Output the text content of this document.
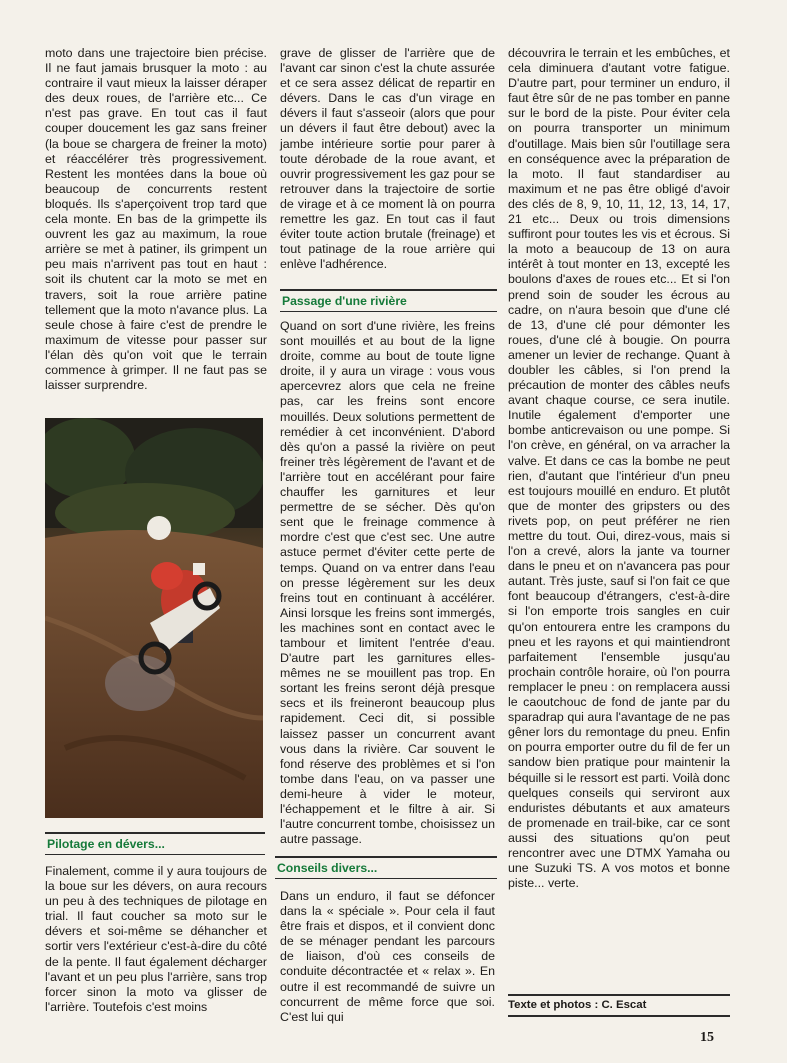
moto dans une trajectoire bien précise. Il ne faut jamais brusquer la moto : au contraire il vaut mieux la laisser déraper des deux roues, de l'arrière etc... Ce n'est pas grave. En tout cas il faut couper doucement les gaz sans freiner (la boue se chargera de freiner la moto) et réaccélérer très progressivement. Restent les montées dans la boue où beaucoup de concurrents restent bloqués. Ils s'aperçoivent trop tard que cela monte. En bas de la grimpette ils ouvrent les gaz au maximum, la roue arrière se met à patiner, ils grimpent un peu mais n'arrivent pas tout en haut : soit ils chutent car la moto se met en travers, soit la roue arrière patine tellement que la moto n'avance plus. La seule chose à faire c'est de prendre le maximum de vitesse pour passer sur l'élan dès qu'on voit que le terrain commence à grimper. Il ne faut pas se laisser surprendre.

Pilotage en dévers...

Finalement, comme il y aura toujours de la boue sur les dévers, on aura recours un peu à des techniques de pilotage en trial. Il faut coucher sa moto sur le dévers et soi-même se déhancher et sortir vers l'extérieur c'est-à-dire du côté de la pente. Il faut également décharger l'avant et un peu plus l'arrière, sans trop forcer sinon la moto va glisser de l'arrière. Toutefois c'est moins

grave de glisser de l'arrière que de l'avant car sinon c'est la chute assurée et ce sera assez délicat de repartir en dévers. Dans le cas d'un virage en dévers il faut s'asseoir (alors que pour un dévers il faut être debout) avec la jambe intérieure sortie pour parer à toute dérobade de la roue avant, et ouvrir progressivement les gaz pour se retrouver dans la trajectoire de sortie de virage et à ce moment là on pourra remettre les gaz. En tout cas il faut éviter toute action brutale (freinage) et tout patinage de la roue arrière qui enlève l'adhérence.

Passage d'une rivière

Quand on sort d'une rivière, les freins sont mouillés et au bout de la ligne droite, comme au bout de toute ligne droite, il y aura un virage : vous vous apercevrez alors que cela ne freine pas, car les freins sont encore mouillés. Deux solutions permettent de remédier à cet inconvénient. D'abord dès qu'on a passé la rivière on peut freiner très légèrement de l'avant et de l'arrière tout en accélérant pour faire chauffer les garnitures et leur permettre de se sécher. Dès qu'on sent que le freinage commence à mordre c'est que c'est sec. Une autre astuce permet d'éviter cette perte de temps. Quand on va entrer dans l'eau on presse légèrement sur les deux freins tout en continuant à accélérer. Ainsi lorsque les freins sont immergés, les machines sont en contact avec le tambour et limitent l'entrée d'eau. D'autre part les garnitures elles-mêmes ne se mouillent pas trop. En sortant les freins seront déjà presque secs et ils freineront beaucoup plus rapidement. Ceci dit, si possible laissez passer un concurrent avant vous dans la rivière. Car souvent le fond réserve des problèmes et si l'on tombe dans l'eau, on va passer une demi-heure à vider le moteur, l'échappement et le filtre à air. Si l'autre concurrent tombe, choisissez un autre passage.

Conseils divers...

Dans un enduro, il faut se défoncer dans la « spéciale ». Pour cela il faut être frais et dispos, et il convient donc de se ménager pendant les parcours de liaison, d'où ces conseils de conduite décontractée et « relax ». En outre il est recommandé de suivre un concurrent de même force que soi. C'est lui qui

découvrira le terrain et les embûches, et cela diminuera d'autant votre fatigue. D'autre part, pour terminer un enduro, il faut être sûr de ne pas tomber en panne sur le bord de la piste. Pour éviter cela on pourra transporter un minimum d'outillage. Mais bien sûr l'outillage sera en conséquence avec la préparation de la moto. Il faut standardiser au maximum et ne pas être obligé d'avoir des clés de 8, 9, 10, 11, 12, 13, 14, 17, 21 etc... Deux ou trois dimensions suffiront pour toutes les vis et écrous. Si la moto a beaucoup de 13 on aura intérêt à tout monter en 13, excepté les boulons d'axes de roues etc... Et si l'on prend soin de souder les écrous au cadre, on n'aura besoin que d'une clé de 13, d'une clé pour démonter les roues, d'une clé à bougie. On pourra amener un levier de rechange. Quant à doubler les câbles, si l'on prend la précaution de monter des câbles neufs avant chaque course, ce sera inutile. Inutile également d'emporter une bombe anticrevaison ou une pompe. Si l'on crève, en général, on va arracher la valve. Et dans ce cas la bombe ne peut rien, d'autant que l'intérieur d'un pneu est toujours mouillé en enduro. Et plutôt que de monter des gripsters ou des rivets pop, on peut préférer ne rien mettre du tout. Oui, direz-vous, mais si l'on a crevé, alors la jante va tourner dans le pneu et on n'avancera pas pour autant. Très juste, sauf si l'on fait ce que font beaucoup d'étrangers, c'est-à-dire si l'on emporte trois sangles en cuir qu'on entourera entre les crampons du pneu et les rayons et qui maintiendront parfaitement l'ensemble jusqu'au prochain contrôle horaire, où l'on pourra remplacer le pneu : on remplacera aussi le caoutchouc de fond de jante par du sparadrap qui aura l'avantage de ne pas gêner lors du remontage du pneu. Enfin on pourra emporter outre du fil de fer un sandow bien pratique pour maintenir la béquille si le ressort est parti. Voilà donc quelques conseils qui serviront aux enduristes débutants et aux amateurs de promenade en trail-bike, car ce sont aussi des situations qu'on peut rencontrer avec une DTMX Yamaha ou une Suzuki TS. A vos motos et bonne piste... verte.

Texte et photos : C. Escat
15
